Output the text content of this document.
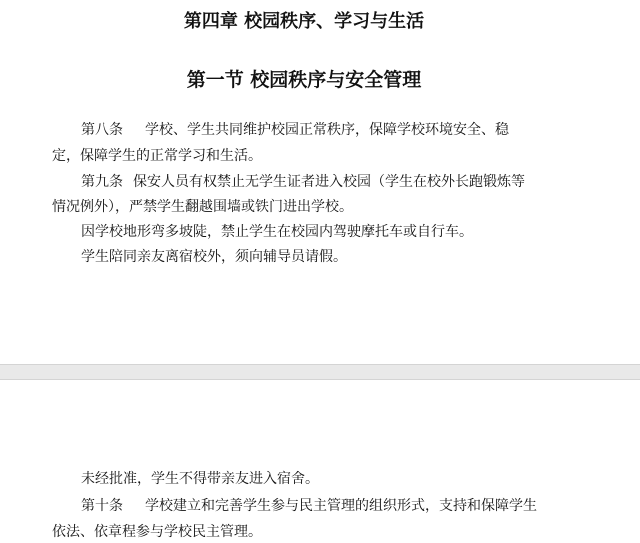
第四章 校园秩序、学习与生活
第一节 校园秩序与安全管理
第八条 学校、学生共同维护校园正常秩序，保障学校环境安全、稳
定，保障学生的正常学习和生活。
第九条 保安人员有权禁止无学生证者进入校园（学生在校外长跑锻炼等
情况例外），严禁学生翻越围墙或铁门进出学校。
因学校地形弯多坡陡，禁止学生在校园内驾驶摩托车或自行车。
学生陪同亲友离宿校外，须向辅导员请假。
未经批准，学生不得带亲友进入宿舍。
第十条 学校建立和完善学生参与民主管理的组织形式，支持和保障学生
依法、依章程参与学校民主管理。
